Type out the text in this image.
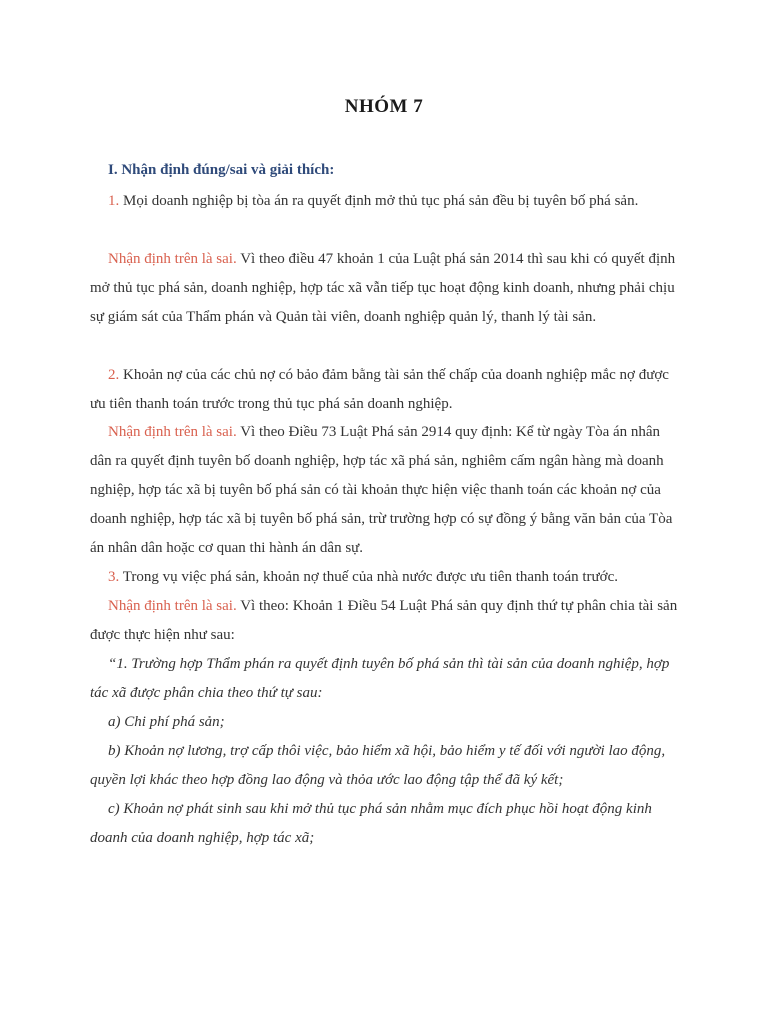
NHÓM 7
I. Nhận định đúng/sai và giải thích:
1. Mọi doanh nghiệp bị tòa án ra quyết định mở thủ tục phá sản đều bị tuyên bố phá sản.
Nhận định trên là sai. Vì theo điều 47 khoản 1 của Luật phá sản 2014 thì sau khi có quyết định mở thủ tục phá sản, doanh nghiệp, hợp tác xã vẫn tiếp tục hoạt động kinh doanh, nhưng phải chịu sự giám sát của Thẩm phán và Quản tài viên, doanh nghiệp quản lý, thanh lý tài sản.
2. Khoản nợ của các chủ nợ có bảo đảm bằng tài sản thế chấp của doanh nghiệp mắc nợ được ưu tiên thanh toán trước trong thủ tục phá sản doanh nghiệp.
Nhận định trên là sai. Vì theo Điều 73 Luật Phá sản 2914 quy định: Kể từ ngày Tòa án nhân dân ra quyết định tuyên bố doanh nghiệp, hợp tác xã phá sản, nghiêm cấm ngân hàng mà doanh nghiệp, hợp tác xã bị tuyên bố phá sản có tài khoản thực hiện việc thanh toán các khoản nợ của doanh nghiệp, hợp tác xã bị tuyên bố phá sản, trừ trường hợp có sự đồng ý bằng văn bản của Tòa án nhân dân hoặc cơ quan thi hành án dân sự.
3. Trong vụ việc phá sản, khoản nợ thuế của nhà nước được ưu tiên thanh toán trước.
Nhận định trên là sai. Vì theo: Khoản 1 Điều 54 Luật Phá sản quy định thứ tự phân chia tài sản được thực hiện như sau:
“1. Trường hợp Thẩm phán ra quyết định tuyên bố phá sản thì tài sản của doanh nghiệp, hợp tác xã được phân chia theo thứ tự sau:
a) Chi phí phá sản;
b) Khoản nợ lương, trợ cấp thôi việc, bảo hiểm xã hội, bảo hiểm y tế đối với người lao động, quyền lợi khác theo hợp đồng lao động và thỏa ước lao động tập thể đã ký kết;
c) Khoản nợ phát sinh sau khi mở thủ tục phá sản nhằm mục đích phục hồi hoạt động kinh doanh của doanh nghiệp, hợp tác xã;
